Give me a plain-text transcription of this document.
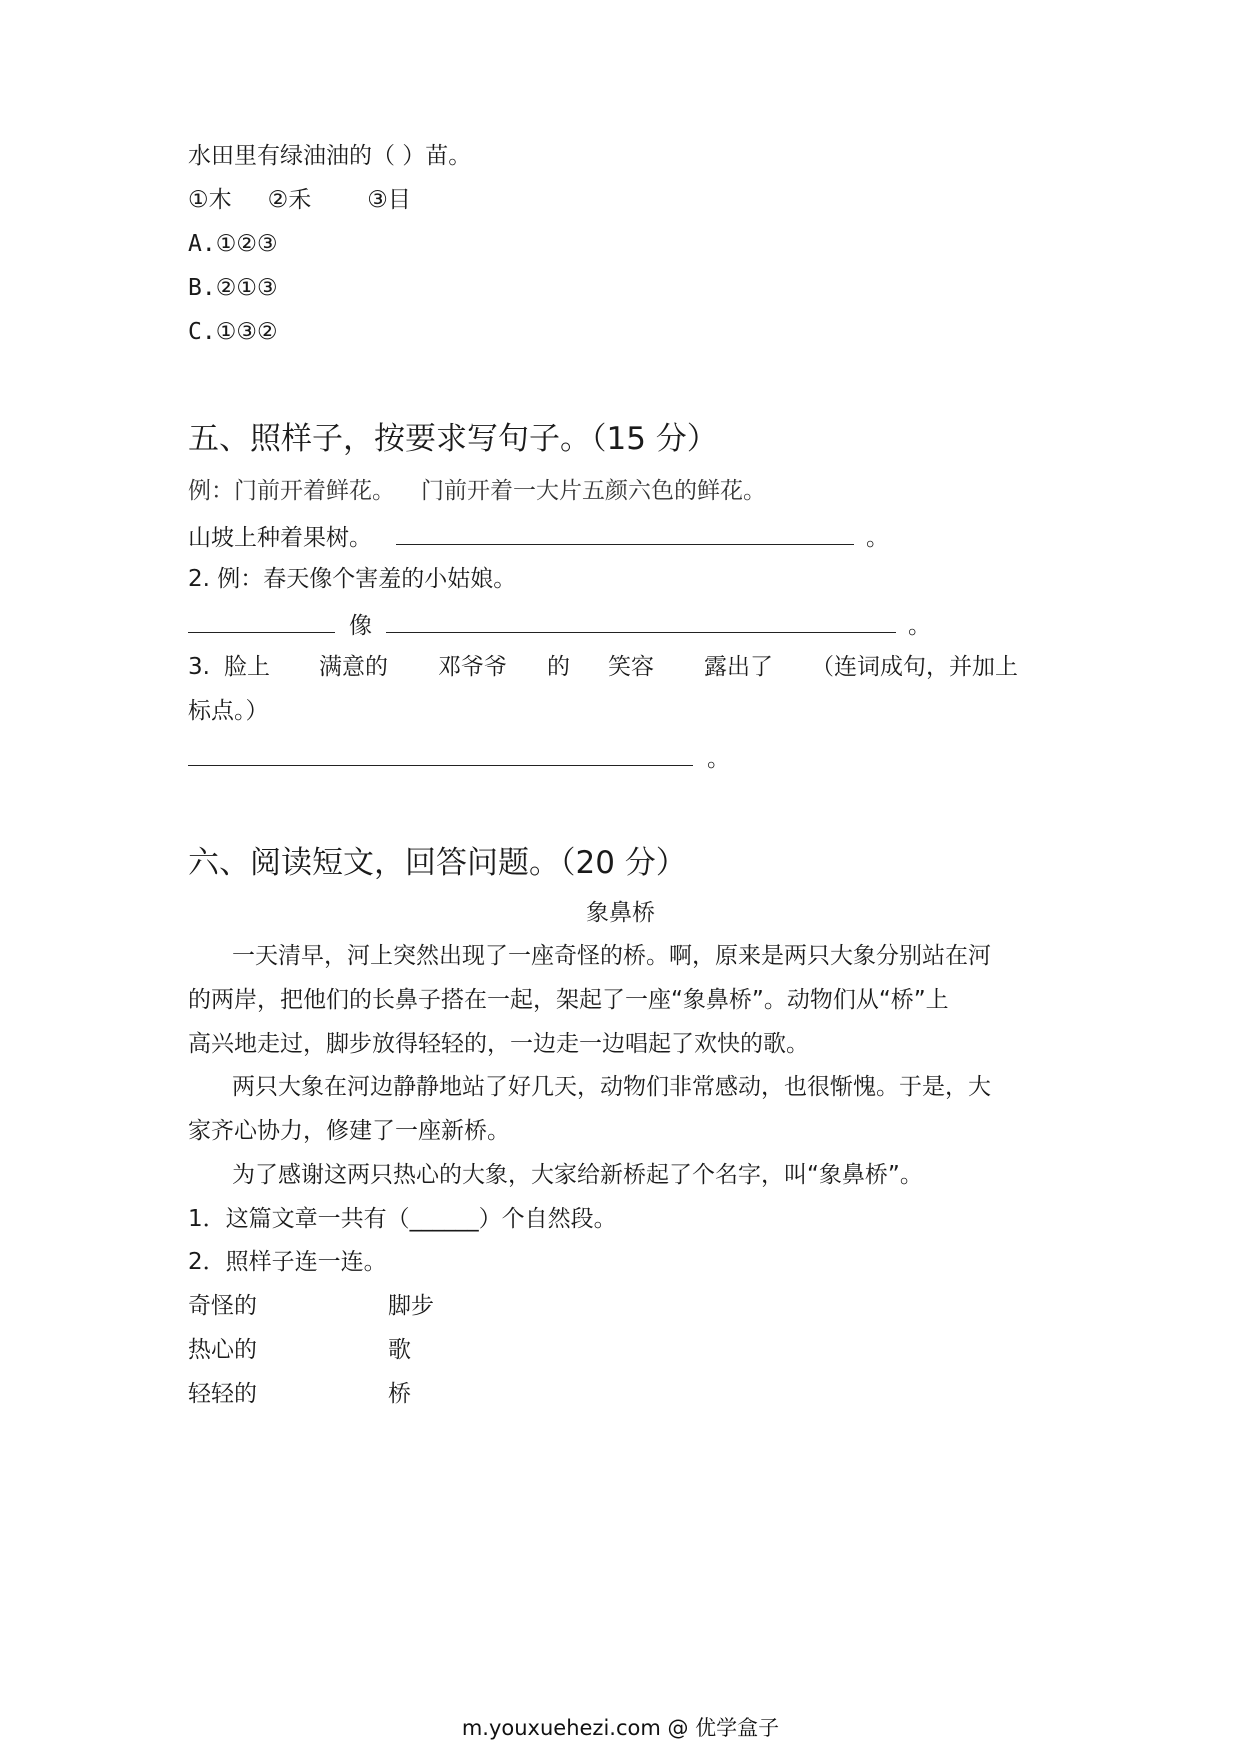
水田里有绿油油的（ ）苗。
①木 ②禾 ③目
A.①②③
B.②①③
C.①③②
五、照样子，按要求写句子。（15 分）
例：门前开着鲜花。 门前开着一大片五颜六色的鲜花。
山坡上种着果树。	。
2. 例：春天像个害羞的小姑娘。
像	。
3. 脸上 满意的 邓爷爷 的 笑容 露出了 （连词成句，并加上
标点。）
。
六、阅读短文，回答问题。（20 分）
象鼻桥
一天清早，河上突然出现了一座奇怪的桥。啊，原来是两只大象分别站在河
的两岸，把他们的长鼻子搭在一起，架起了一座“象鼻桥”。动物们从“桥”上
高兴地走过，脚步放得轻轻的，一边走一边唱起了欢快的歌。
两只大象在河边静静地站了好几天，动物们非常感动，也很惭愧。于是，大
家齐心协力，修建了一座新桥。
为了感谢这两只热心的大象，大家给新桥起了个名字，叫“象鼻桥”。
1．这篇文章一共有（______）个自然段。
2．照样子连一连。
奇怪的	脚步
热心的	歌
轻轻的	桥
m.youxuehezi.com @ 优学盒子
